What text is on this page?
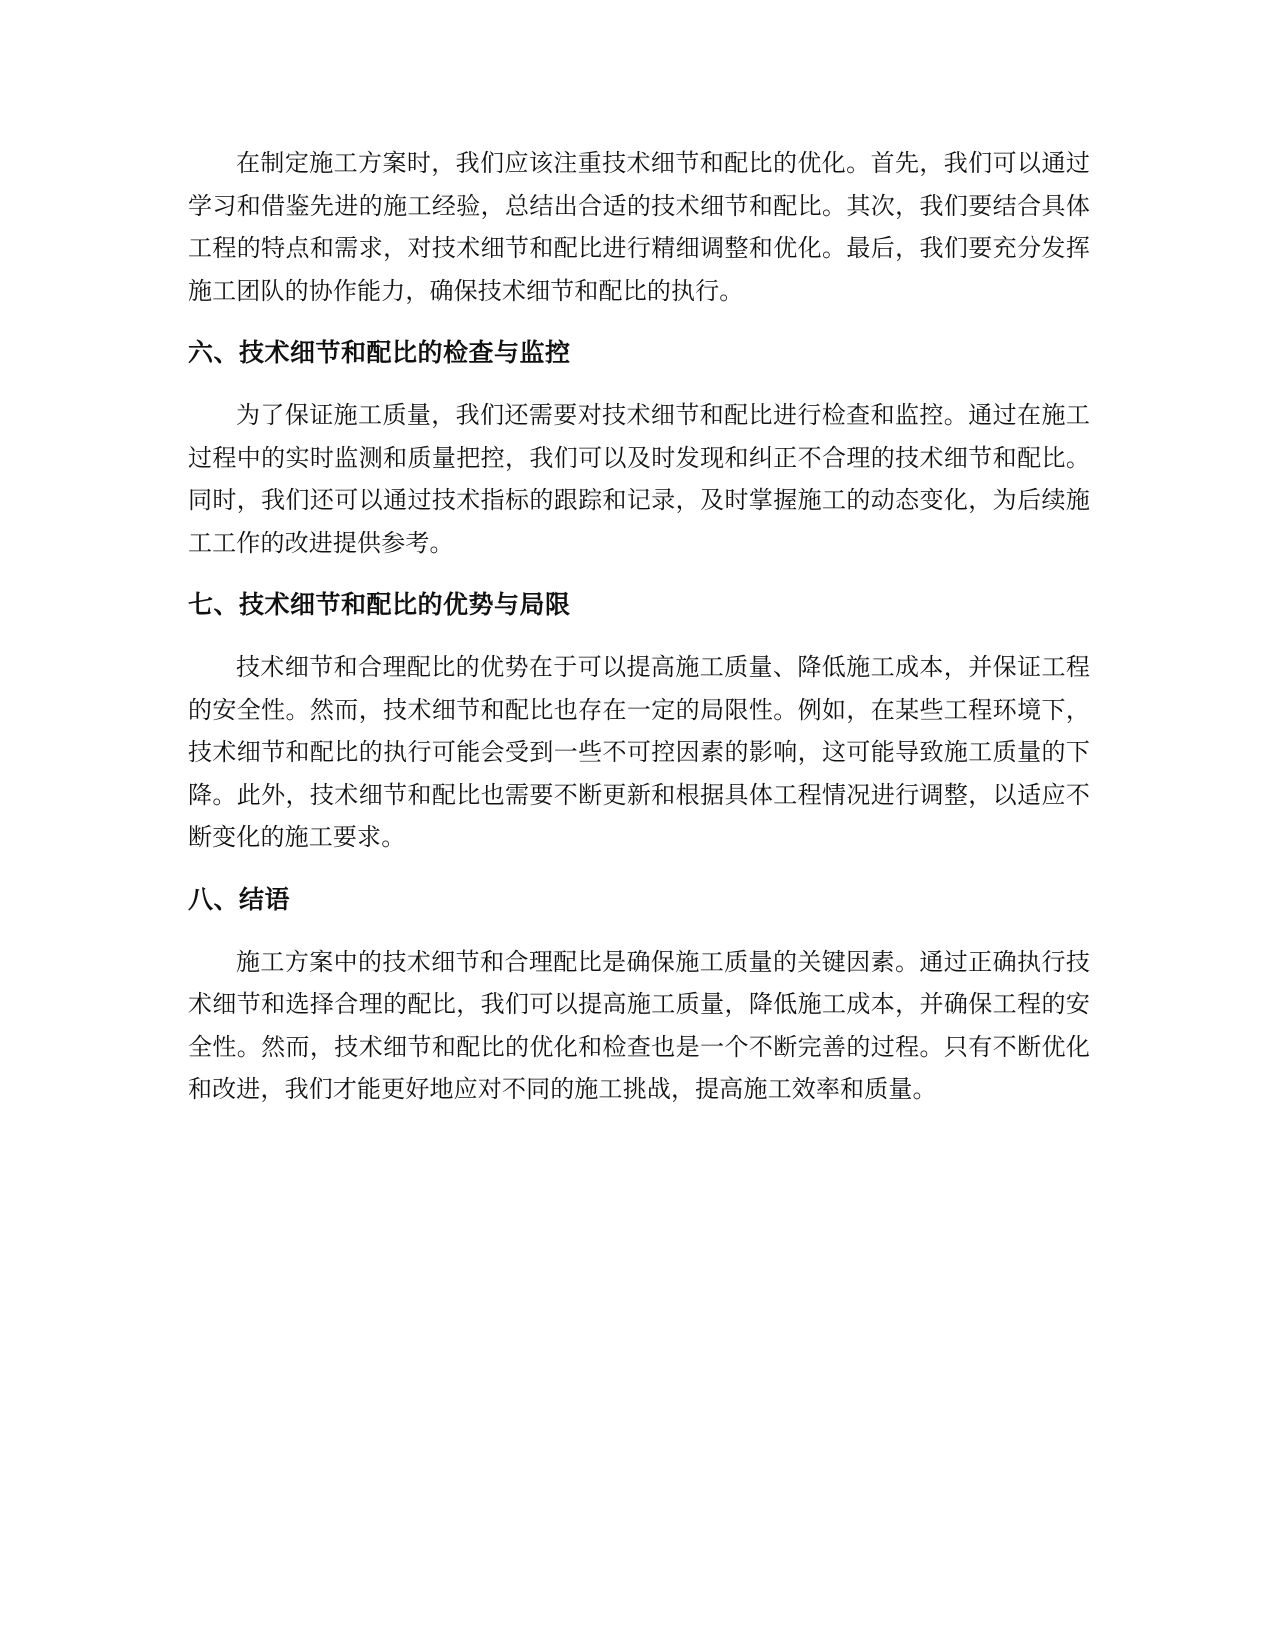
在制定施工方案时，我们应该注重技术细节和配比的优化。首先，我们可以通过学习和借鉴先进的施工经验，总结出合适的技术细节和配比。其次，我们要结合具体工程的特点和需求，对技术细节和配比进行精细调整和优化。最后，我们要充分发挥施工团队的协作能力，确保技术细节和配比的执行。

六、技术细节和配比的检查与监控

为了保证施工质量，我们还需要对技术细节和配比进行检查和监控。通过在施工过程中的实时监测和质量把控，我们可以及时发现和纠正不合理的技术细节和配比。同时，我们还可以通过技术指标的跟踪和记录，及时掌握施工的动态变化，为后续施工工作的改进提供参考。

七、技术细节和配比的优势与局限

技术细节和合理配比的优势在于可以提高施工质量、降低施工成本，并保证工程的安全性。然而，技术细节和配比也存在一定的局限性。例如，在某些工程环境下，技术细节和配比的执行可能会受到一些不可控因素的影响，这可能导致施工质量的下降。此外，技术细节和配比也需要不断更新和根据具体工程情况进行调整，以适应不断变化的施工要求。

八、结语

施工方案中的技术细节和合理配比是确保施工质量的关键因素。通过正确执行技术细节和选择合理的配比，我们可以提高施工质量，降低施工成本，并确保工程的安全性。然而，技术细节和配比的优化和检查也是一个不断完善的过程。只有不断优化和改进，我们才能更好地应对不同的施工挑战，提高施工效率和质量。
